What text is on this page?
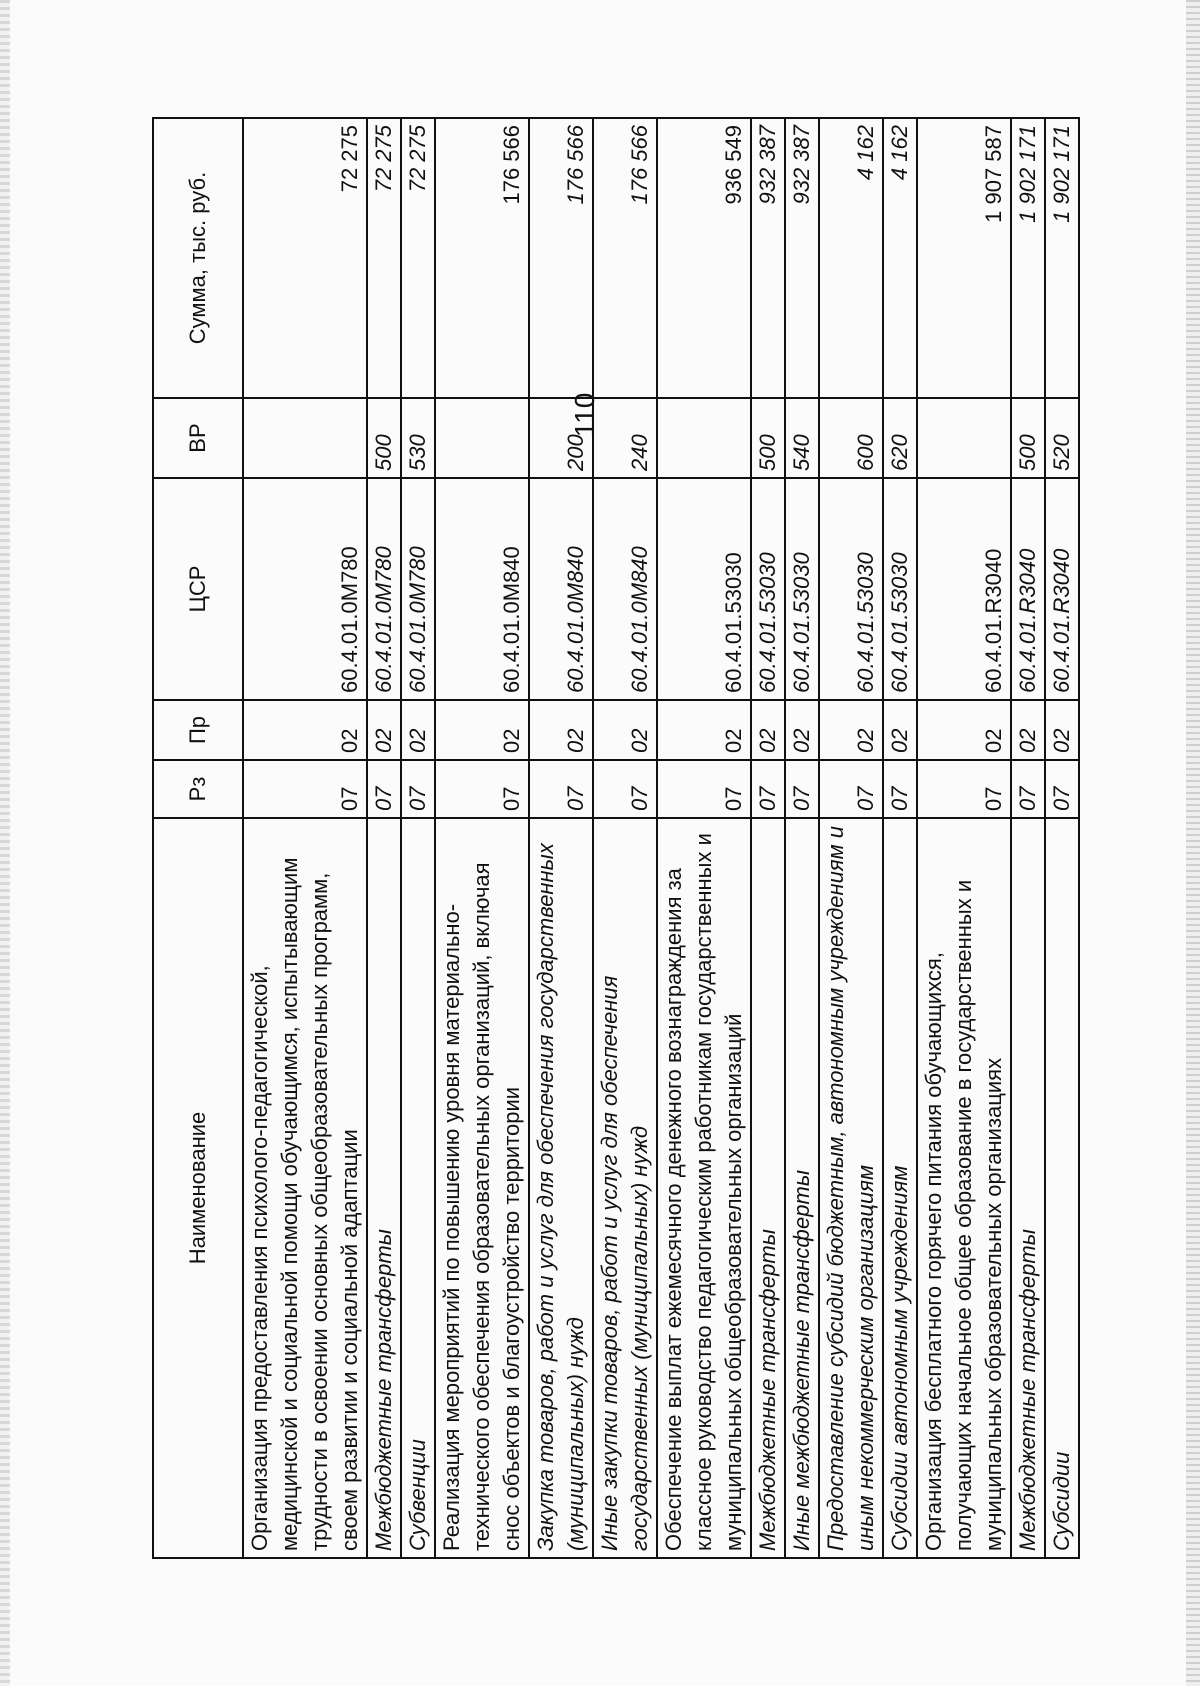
110
Наименование	Рз	Пр	ЦСР	ВР	Сумма, тыс. руб.
Организация предоставления психолого-педагогической, медицинской и социальной помощи обучающимся, испытывающим трудности в освоении основных общеобразовательных программ, своем развитии и социальной адаптации	07	02	60.4.01.0М780		72 275
Межбюджетные трансферты	07	02	60.4.01.0М780	500	72 275
Субвенции	07	02	60.4.01.0М780	530	72 275
Реализация мероприятий по повышению уровня материально-технического обеспечения образовательных организаций, включая снос объектов и благоустройство территории	07	02	60.4.01.0М840		176 566
Закупка товаров, работ и услуг для обеспечения государственных (муниципальных) нужд	07	02	60.4.01.0М840	200	176 566
Иные закупки товаров, работ и услуг для обеспечения государственных (муниципальных) нужд	07	02	60.4.01.0М840	240	176 566
Обеспечение выплат ежемесячного денежного вознаграждения за классное руководство педагогическим работникам государственных и муниципальных общеобразовательных организаций	07	02	60.4.01.53030		936 549
Межбюджетные трансферты	07	02	60.4.01.53030	500	932 387
Иные межбюджетные трансферты	07	02	60.4.01.53030	540	932 387
Предоставление субсидий бюджетным, автономным учреждениям и иным некоммерческим организациям	07	02	60.4.01.53030	600	4 162
Субсидии автономным учреждениям	07	02	60.4.01.53030	620	4 162
Организация бесплатного горячего питания обучающихся, получающих начальное общее образование в государственных и муниципальных образовательных организациях	07	02	60.4.01.R3040		1 907 587
Межбюджетные трансферты	07	02	60.4.01.R3040	500	1 902 171
Субсидии	07	02	60.4.01.R3040	520	1 902 171
